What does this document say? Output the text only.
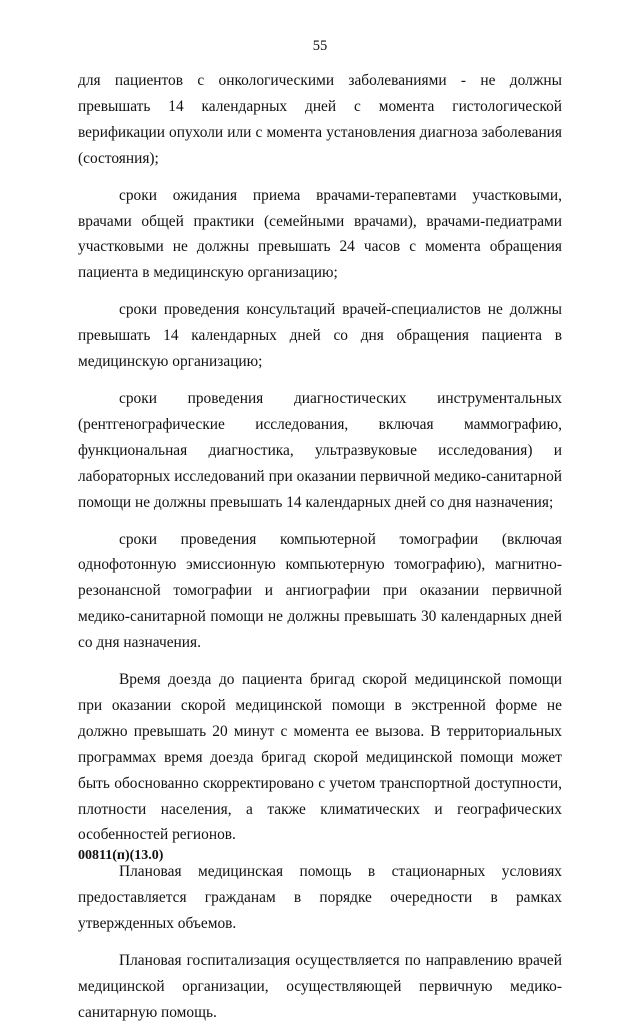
55

для пациентов с онкологическими заболеваниями - не должны превышать 14 календарных дней с момента гистологической верификации опухоли или с момента установления диагноза заболевания (состояния);

сроки ожидания приема врачами-терапевтами участковыми, врачами общей практики (семейными врачами), врачами-педиатрами участковыми не должны превышать 24 часов с момента обращения пациента в медицинскую организацию;

сроки проведения консультаций врачей-специалистов не должны превышать 14 календарных дней со дня обращения пациента в медицинскую организацию;

сроки проведения диагностических инструментальных (рентгенографические исследования, включая маммографию, функциональная диагностика, ультразвуковые исследования) и лабораторных исследований при оказании первичной медико-санитарной помощи не должны превышать 14 календарных дней со дня назначения;

сроки проведения компьютерной томографии (включая однофотонную эмиссионную компьютерную томографию), магнитно-резонансной томографии и ангиографии при оказании первичной медико-санитарной помощи не должны превышать 30 календарных дней со дня назначения.

Время доезда до пациента бригад скорой медицинской помощи при оказании скорой медицинской помощи в экстренной форме не должно превышать 20 минут с момента ее вызова. В территориальных программах время доезда бригад скорой медицинской помощи может быть обоснованно скорректировано с учетом транспортной доступности, плотности населения, а также климатических и географических особенностей регионов.

Плановая медицинская помощь в стационарных условиях предоставляется гражданам в порядке очередности в рамках утвержденных объемов.

Плановая госпитализация осуществляется по направлению врачей медицинской организации, осуществляющей первичную медико-санитарную помощь.

00811(п)(13.0)
